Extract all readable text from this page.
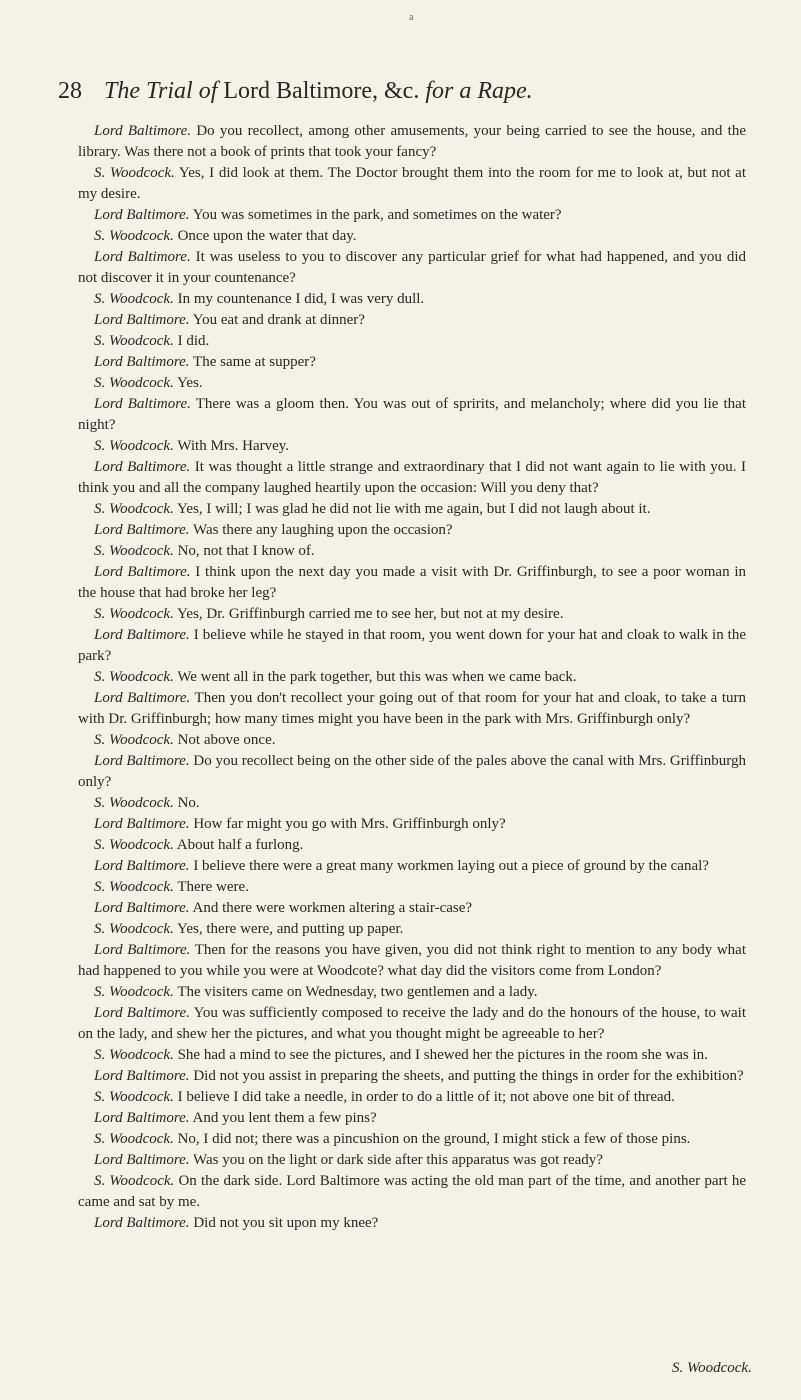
a
28 The Trial of Lord Baltimore, &c. for a Rape.

Lord Baltimore. Do you recollect, among other amusements, your being carried to see the house, and the library. Was there not a book of prints that took your fancy?

S. Woodcock. Yes, I did look at them. The Doctor brought them into the room for me to look at, but not at my desire.

Lord Baltimore. You was sometimes in the park, and sometimes on the water?

S. Woodcock. Once upon the water that day.

Lord Baltimore. It was useless to you to discover any particular grief for what had happened, and you did not discover it in your countenance?

S. Woodcock. In my countenance I did, I was very dull.

Lord Baltimore. You eat and drank at dinner?

S. Woodcock. I did.

Lord Baltimore. The same at supper?

S. Woodcock. Yes.

Lord Baltimore. There was a gloom then. You was out of spririts, and melancholy; where did you lie that night?

S. Woodcock. With Mrs. Harvey.

Lord Baltimore. It was thought a little strange and extraordinary that I did not want again to lie with you. I think you and all the company laughed heartily upon the occasion: Will you deny that?

S. Woodcock. Yes, I will; I was glad he did not lie with me again, but I did not laugh about it.

Lord Baltimore. Was there any laughing upon the occasion?

S. Woodcock. No, not that I know of.

Lord Baltimore. I think upon the next day you made a visit with Dr. Griffinburgh, to see a poor woman in the house that had broke her leg?

S. Woodcock. Yes, Dr. Griffinburgh carried me to see her, but not at my desire.

Lord Baltimore. I believe while he stayed in that room, you went down for your hat and cloak to walk in the park?

S. Woodcock. We went all in the park together, but this was when we came back.

Lord Baltimore. Then you don't recollect your going out of that room for your hat and cloak, to take a turn with Dr. Griffinburgh; how many times might you have been in the park with Mrs. Griffinburgh only?

S. Woodcock. Not above once.

Lord Baltimore. Do you recollect being on the other side of the pales above the canal with Mrs. Griffinburgh only?

S. Woodcock. No.

Lord Baltimore. How far might you go with Mrs. Griffinburgh only?

S. Woodcock. About half a furlong.

Lord Baltimore. I believe there were a great many workmen laying out a piece of ground by the canal?

S. Woodcock. There were.

Lord Baltimore. And there were workmen altering a stair-case?

S. Woodcock. Yes, there were, and putting up paper.

Lord Baltimore. Then for the reasons you have given, you did not think right to mention to any body what had happened to you while you were at Woodcote? what day did the visitors come from London?

S. Woodcock. The visiters came on Wednesday, two gentlemen and a lady.

Lord Baltimore. You was sufficiently composed to receive the lady and do the honours of the house, to wait on the lady, and shew her the pictures, and what you thought might be agreeable to her?

S. Woodcock. She had a mind to see the pictures, and I shewed her the pictures in the room she was in.

Lord Baltimore. Did not you assist in preparing the sheets, and putting the things in order for the exhibition?

S. Woodcock. I believe I did take a needle, in order to do a little of it; not above one bit of thread.

Lord Baltimore. And you lent them a few pins?

S. Woodcock. No, I did not; there was a pincushion on the ground, I might stick a few of those pins.

Lord Baltimore. Was you on the light or dark side after this apparatus was got ready?

S. Woodcock. On the dark side. Lord Baltimore was acting the old man part of the time, and another part he came and sat by me.

Lord Baltimore. Did not you sit upon my knee?

S. Woodcock.
